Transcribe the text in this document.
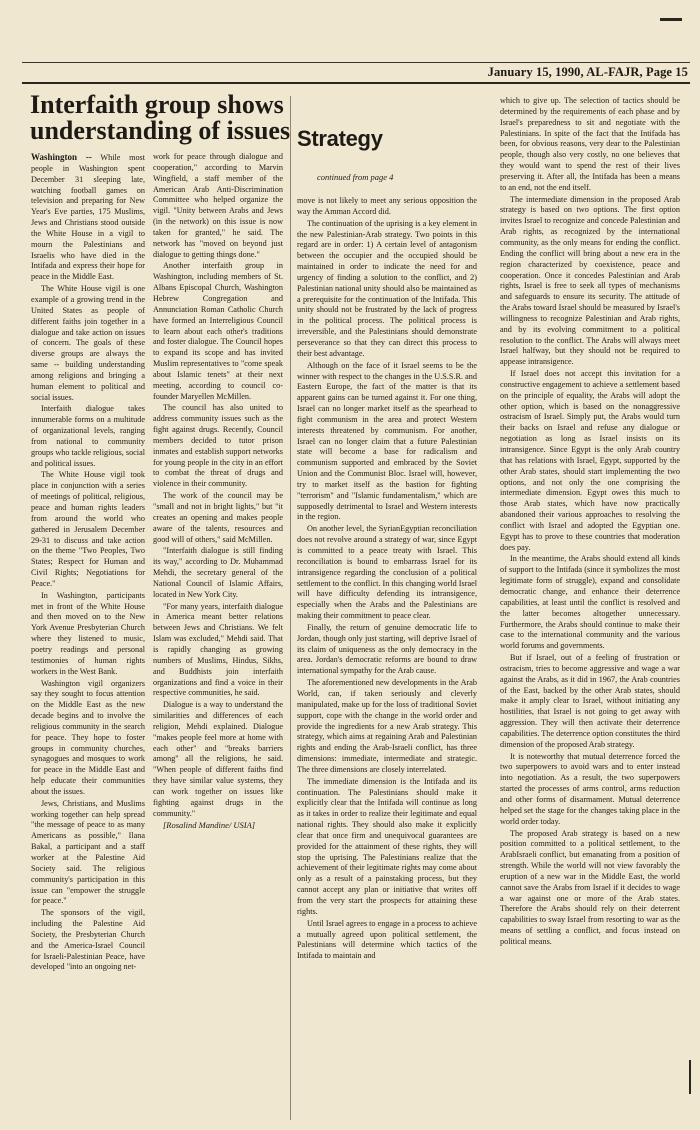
January 15, 1990, AL-FAJR, Page 15
Interfaith group shows understanding of issues

Washington -- While most people in Washington spent December 31 sleeping late, watching football games on television and preparing for New Year's Eve parties, 175 Muslims, Jews and Christians stood outside the White House in a vigil to mourn the Palestinians and Israelis who have died in the Intifada and express their hope for peace in the Middle East.

The White House vigil is one example of a growing trend in the United States as people of different faiths join together in a dialogue and take action on issues of concern. The goals of these diverse groups are always the same -- building understanding among religions and bringing a human element to political and social issues.

Interfaith dialogue takes innumerable forms on a multitude of organizational levels, ranging from national to community groups who tackle religious, social and political issues.

The White House vigil took place in conjunction with a series of meetings of political, religious, peace and human rights leaders from around the world who gathered in Jerusalem December 29-31 to discuss and take action on the theme "Two Peoples, Two States; Respect for Human and Civil Rights; Negotiations for Peace."

In Washington, participants met in front of the White House and then moved on to the New York Avenue Presbyterian Church where they listened to music, poetry readings and personal testimonies of human rights workers in the West Bank.

Washington vigil organizers say they sought to focus attention on the Middle East as the new decade begins and to involve the religious community in the search for peace. They hope to foster groups in community churches, synagogues and mosques to work for peace in the Middle East and help educate their communities about the issues.

Jews, Christians, and Muslims working together can help spread "the message of peace to as many Americans as possible," Ilana Bakal, a participant and a staff worker at the Palestine Aid Society said. The religious community's participation in this issue can "empower the struggle for peace."

The sponsors of the vigil, including the Palestine Aid Society, the Presbyterian Church and the America-Israel Council for Israeli-Palestinian Peace, have developed "into an ongoing net-

work for peace through dialogue and cooperation," according to Marvin Wingfield, a staff member of the American Arab Anti-Discrimination Committee who helped organize the vigil. "Unity between Arabs and Jews (in the network) on this issue is now taken for granted," he said. The network has "moved on beyond just dialogue to getting things done."

Another interfaith group in Washington, including members of St. Albans Episcopal Church, Washington Hebrew Congregation and Annunciation Roman Catholic Church have formed an Interreligious Council to learn about each other's traditions and foster dialogue. The Council hopes to expand its scope and has invited Muslim representatives to "come speak about Islamic tenets" at their next meeting, according to council co-founder Maryellen McMillen.

The council has also united to address community issues such as the fight against drugs. Recently, Council members decided to tutor prison inmates and establish support networks for young people in the city in an effort to combat the threat of drugs and violence in their community.

The work of the council may be "small and not in bright lights," but "it creates an opening and makes people aware of the talents, resources and good will of others," said McMillen.

"Interfaith dialogue is still finding its way," according to Dr. Muhammad Mehdi, the secretary general of the National Council of Islamic Affairs, located in New York City.

"For many years, interfaith dialogue in America meant better relations between Jews and Christians. We felt Islam was excluded," Mehdi said. That is rapidly changing as growing numbers of Muslims, Hindus, Sikhs, and Buddhists join interfaith organizations and find a voice in their respective communities, he said.

Dialogue is a way to understand the similarities and differences of each religion, Mehdi explained. Dialogue "makes people feel more at home with each other" and "breaks barriers among" all the religions, he said. "When people of different faiths find they have similar value systems, they can work together on issues like fighting against drugs in the community."

[Rosalind Mandine/ USIA]

Strategy
continued from page 4

move is not likely to meet any serious opposition the way the Amman Accord did.

The continuation of the uprising is a key element in the new Palestinian-Arab strategy. Two points in this regard are in order: 1) A certain level of antagonism between the occupier and the occupied should be maintained in order to indicate the need for and urgency of finding a solution to the conflict, and 2) Palestinian national unity should also be maintained as a prerequisite for the continuation of the Intifada. This unity should not be frustrated by the lack of progress in the political process. The political process is irreversible, and the Palestinians should demonstrate perseverance so that they can direct this process to their best advantage.

Although on the face of it Israel seems to be the winner with respect to the changes in the U.S.S.R. and Eastern Europe, the fact of the matter is that its apparent gains can be turned against it. For one thing, Israel can no longer market itself as the spearhead to fight communism in the area and protect Western interests threatened by communism. For another, Israel can no longer claim that a future Palestinian state will become a base for radicalism and communism supported and embraced by the Soviet Union and the Communist Bloc. Israel will, however, try to market itself as the bastion for fighting "terrorism" and "Islamic fundamentalism," which are supposedly detrimental to Israel and Western interests in the region.

On another level, the SyrianEgyptian reconciliation does not revolve around a strategy of war, since Egypt is committed to a peace treaty with Israel. This reconciliation is bound to embarrass Israel for its intransigence regarding the conclusion of a political settlement to the conflict. In this changing world Israel will have difficulty defending its intransigence, especially when the Arabs and the Palestinians are making their commitment to peace clear.

Finally, the return of genuine democratic life to Jordan, though only just starting, will deprive Israel of its claim of uniqueness as the only democracy in the area. Jordan's democratic reforms are bound to draw international sympathy for the Arab cause.

The aforementioned new developments in the Arab World, can, if taken seriously and cleverly manipulated, make up for the loss of traditional Soviet support, cope with the change in the world order and provide the ingredients for a new Arab strategy. This strategy, which aims at regaining Arab and Palestinian rights and ending the Arab-Israeli conflict, has three dimensions: immediate, intermediate and strategic. The three dimensions are closely interrelated.

The immediate dimension is the Intifada and its continuation. The Palestinians should make it explicitly clear that the Intifada will continue as long as it takes in order to realize their legitimate and equal national rights. They should also make it explicitly clear that once firm and unequivocal guarantees are provided for the attainment of these rights, they will stop the uprising. The Palestinians realize that the achievement of their legitimate rights may come about only as a result of a painstaking process, but they cannot accept any plan or initiative that writes off from the very start the prospects for attaining these rights.

Until Israel agrees to engage in a process to achieve a mutually agreed upon political settlement, the Palestinians will determine which tactics of the Intifada to maintain and

which to give up. The selection of tactics should be determined by the requirements of each phase and by Israel's preparedness to sit and negotiate with the Palestinians. In spite of the fact that the Intifada has been, for obvious reasons, very dear to the Palestinian people, though also very costly, no one believes that they would want to spend the rest of their lives preserving it. After all, the Intifada has been a means to an end, not the end itself.

The intermediate dimension in the proposed Arab strategy is based on two options. The first option invites Israel to recognize and concede Palestinian and Arab rights, as recognized by the international community, as the only means for ending the conflict. Ending the conflict will bring about a new era in the region characterized by coexistence, peace and cooperation. Once it concedes Palestinian and Arab rights, Israel is free to seek all types of mechanisms and safeguards to ensure its security. The attitude of the Arabs toward Israel should be measured by Israel's willingness to recognize Palestinian and Arab rights, and by its evolving commitment to a political resolution to the conflict. The Arabs will always meet Israel halfway, but they should not be required to appease intransigence.

If Israel does not accept this invitation for a constructive engagement to achieve a settlement based on the principle of equality, the Arabs will adopt the other option, which is based on the nonaggressive ostracism of Israel. Simply put, the Arabs would turn their backs on Israel and refuse any dialogue or negotiation as long as Israel insists on its intransigence. Since Egypt is the only Arab country that has relations with Israel, Egypt, supported by the other Arab states, should start implementing the two options, and not only the one comprising the intermediate dimension. Egypt owes this much to those Arab states, which have now practically abandoned their various approaches to resolving the conflict with Israel and adopted the Egyptian one. Egypt has to prove to these countries that moderation does pay.

In the meantime, the Arabs should extend all kinds of support to the Intifada (since it symbolizes the most legitimate form of struggle), expand and consolidate democratic change, and enhance their deterrence capabilities, at least until the conflict is resolved and the latter becomes altogether unnecessary. Furthermore, the Arabs should continue to make their case to the international community and the various world forums and governments.

But if Israel, out of a feeling of frustration or ostracism, tries to become aggressive and wage a war against the Arabs, as it did in 1967, the Arab countries of the East, backed by the other Arab states, should make it amply clear to Israel, without initiating any hostilities, that Israel is not going to get away with aggression. They will then activate their deterrence capabilities. The deterrence option constitutes the third dimension of the proposed Arab strategy.

It is noteworthy that mutual deterrence forced the two superpowers to avoid wars and to enter instead into negotiation. As a result, the two superpowers started the processes of arms control, arms reduction and other forms of disarmament. Mutual deterrence helped set the stage for the changes taking place in the world order today.

The proposed Arab strategy is based on a new position committed to a political settlement, to the ArabIsraeli conflict, but emanating from a position of strength. While the world will not view favorably the eruption of a new war in the Middle East, the world cannot save the Arabs from Israel if it decides to wage a war against one or more of the Arab states. Therefore the Arabs should rely on their deterrent capabilities to sway Israel from resorting to war as the means of settling a conflict, and focus instead on political means.
